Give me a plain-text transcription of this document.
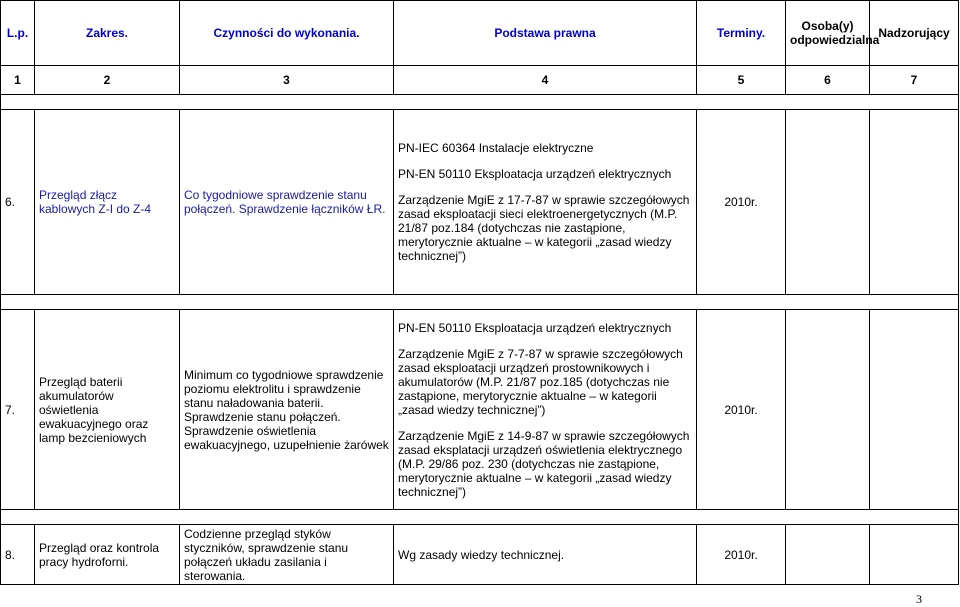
L.p.	Zakres.	Czynności do wykonania.	Podstawa prawna	Terminy.	Osoba(y) odpowiedzialna	Nadzorujący
1	2	3	4	5	6	7

6.	Przegląd złącz kablowych Z-I do Z-4	Co tygodniowe sprawdzenie stanu połączeń. Sprawdzenie łączników ŁR.	PN-IEC 60364 Instalacje elektryczne

PN-EN 50110 Eksploatacja urządzeń elektrycznych

Zarządzenie MgiE z 17-7-87 w sprawie szczegółowych zasad eksploatacji sieci elektroenergetycznych (M.P. 21/87 poz.184 (dotychczas nie zastąpione, merytorycznie aktualne – w kategorii „zasad wiedzy technicznej”)	2010r.		

7.	Przegląd baterii akumulatorów oświetlenia ewakuacyjnego oraz lamp bezcieniowych	Minimum co tygodniowe sprawdzenie poziomu elektrolitu i sprawdzenie stanu naładowania baterii. Sprawdzenie stanu połączeń. Sprawdzenie oświetlenia ewakuacyjnego, uzupełnienie żarówek	PN-EN 50110 Eksploatacja urządzeń elektrycznych

Zarządzenie MgiE z 7-7-87 w sprawie szczegółowych zasad eksploatacji urządzeń prostownikowych i akumulatorów (M.P. 21/87 poz.185 (dotychczas nie zastąpione, merytorycznie aktualne – w kategorii „zasad wiedzy technicznej”)

Zarządzenie MgiE z 14-9-87 w sprawie szczegółowych zasad eksplatacji urządzeń oświetlenia elektrycznego (M.P. 29/86 poz. 230 (dotychczas nie zastąpione, merytorycznie aktualne – w kategorii „zasad wiedzy technicznej”)	2010r.		

8.	Przegląd oraz kontrola pracy hydroforni.	Codzienne przegląd styków styczników, sprawdzenie stanu połączeń układu zasilania i sterowania.	Wg zasady wiedzy technicznej.	2010r.		
3
